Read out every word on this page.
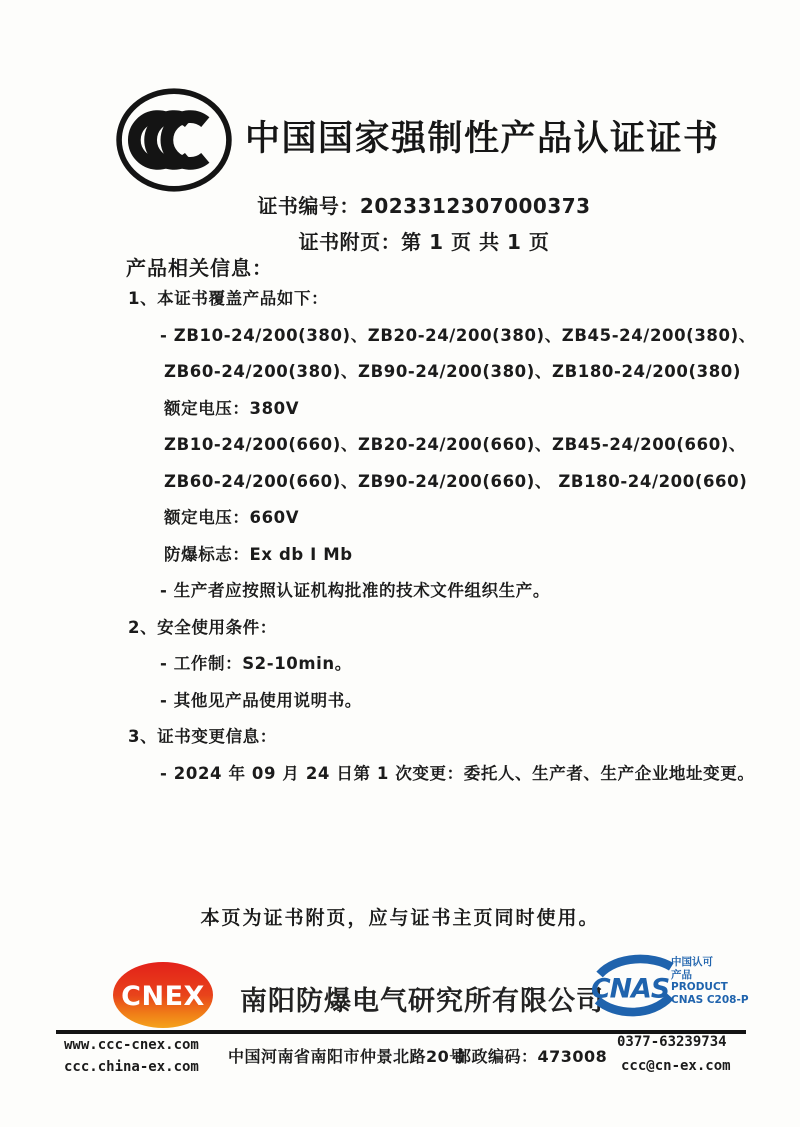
中国国家强制性产品认证证书
证书编号：2023312307000373
证书附页：第 1 页 共 1 页
产品相关信息：
1、本证书覆盖产品如下：
- ZB10-24/200(380)、ZB20-24/200(380)、ZB45-24/200(380)、
ZB60-24/200(380)、ZB90-24/200(380)、ZB180-24/200(380)
额定电压：380V
ZB10-24/200(660)、ZB20-24/200(660)、ZB45-24/200(660)、
ZB60-24/200(660)、ZB90-24/200(660)、 ZB180-24/200(660)
额定电压：660V
防爆标志：Ex db I Mb
- 生产者应按照认证机构批准的技术文件组织生产。
2、安全使用条件：
- 工作制：S2-10min。
- 其他见产品使用说明书。
3、证书变更信息：
- 2024 年 09 月 24 日第 1 次变更：委托人、生产者、生产企业地址变更。
本页为证书附页，应与证书主页同时使用。
CNEX 南阳防爆电气研究所有限公司
CNAS
中国认可
产品
PRODUCT
CNAS C208-P
www.ccc-cnex.com
ccc.china-ex.com
中国河南省南阳市仲景北路20号
邮政编码：473008
0377-63239734
ccc@cn-ex.com
